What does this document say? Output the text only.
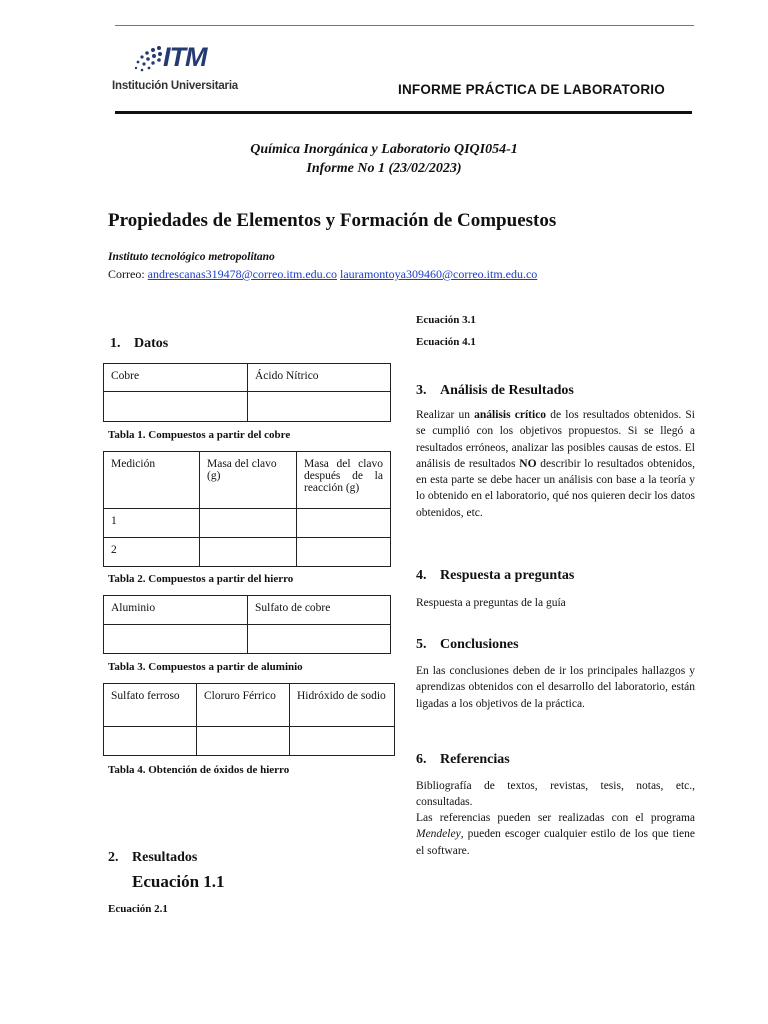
ITM
Institución Universitaria	INFORME PRÁCTICA DE LABORATORIO
Química Inorgánica y Laboratorio QIQI054-1
Informe No 1 (23/02/2023)
Propiedades de Elementos y Formación de Compuestos
Instituto tecnológico metropolitano
Correo: andrescanas319478@correo.itm.edu.co lauramontoya309460@correo.itm.edu.co
1. Datos
Cobre	Ácido Nítrico

Tabla 1. Compuestos a partir del cobre
Medición	Masa del clavo (g)	Masa del clavo después de la reacción (g)
1		
2		
Tabla 2. Compuestos a partir del hierro
Aluminio	Sulfato de cobre

Tabla 3. Compuestos a partir de aluminio
Sulfato ferroso	Cloruro Férrico	Hidróxido de sodio

Tabla 4. Obtención de óxidos de hierro
2. Resultados
Ecuación 1.1
Ecuación 2.1
Ecuación 3.1
Ecuación 4.1
3. Análisis de Resultados
Realizar un análisis crítico de los resultados obtenidos. Si se cumplió con los objetivos propuestos. Si se llegó a resultados erróneos, analizar las posibles causas de estos. El análisis de resultados NO describir lo resultados obtenidos, en esta parte se debe hacer un análisis con base a la teoría y lo obtenido en el laboratorio, qué nos quieren decir los datos obtenidos, etc.
4. Respuesta a preguntas
Respuesta a preguntas de la guía
5. Conclusiones
En las conclusiones deben de ir los principales hallazgos y aprendizas obtenidos con el desarrollo del laboratorio, están ligadas a los objetivos de la práctica.
6. Referencias
Bibliografía de textos, revistas, tesis, notas, etc., consultadas.
Las referencias pueden ser realizadas con el programa Mendeley, pueden escoger cualquier estilo de los que tiene el software.
